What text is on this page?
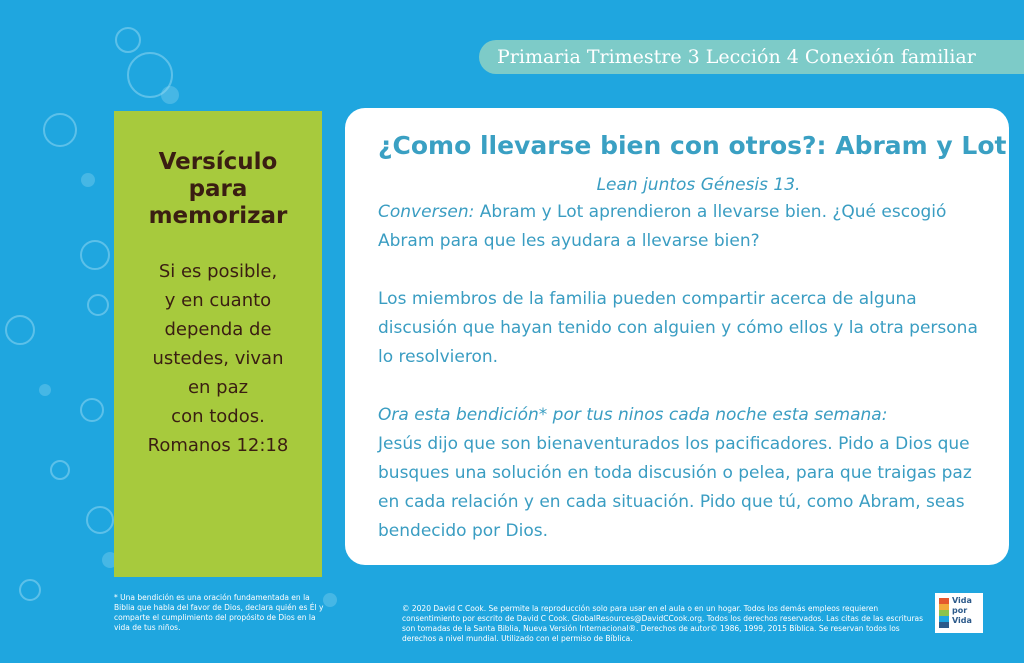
Primaria Trimestre 3 Lección 4 Conexión familiar
Versículo
para
memorizar
Si es posible,
y en cuanto
dependa de
ustedes, vivan
en paz
con todos.
Romanos 12:18
¿Como llevarse bien con otros?: Abram y Lot

Lean juntos Génesis 13.

Conversen: Abram y Lot aprendieron a llevarse bien. ¿Qué escogió Abram para que les ayudara a llevarse bien?

Los miembros de la familia pueden compartir acerca de alguna discusión que hayan tenido con alguien y cómo ellos y la otra persona lo resolvieron.

Ora esta bendición* por tus ninos cada noche esta semana:
Jesús dijo que son bienaventurados los pacificadores. Pido a Dios que busques una solución en toda discusión o pelea, para que traigas paz en cada relación y en cada situación. Pido que tú, como Abram, seas bendecido por Dios.

* Una bendición es una oración fundamentada en la Biblia que habla del favor de Dios, declara quién es Él y comparte el cumplimiento del propósito de Dios en la vida de tus niños.
© 2020 David C Cook. Se permite la reproducción solo para usar en el aula o en un hogar. Todos los demás empleos requieren consentimiento por escrito de David C Cook. GlobalResources@DavidCCook.org. Todos los derechos reservados. Las citas de las escrituras son tomadas de la Santa Biblia, Nueva Versión Internacional®. Derechos de autor© 1986, 1999, 2015 Bíblica. Se reservan todos los derechos a nivel mundial. Utilizado con el permiso de Bíblica.
Vida
por
Vida
